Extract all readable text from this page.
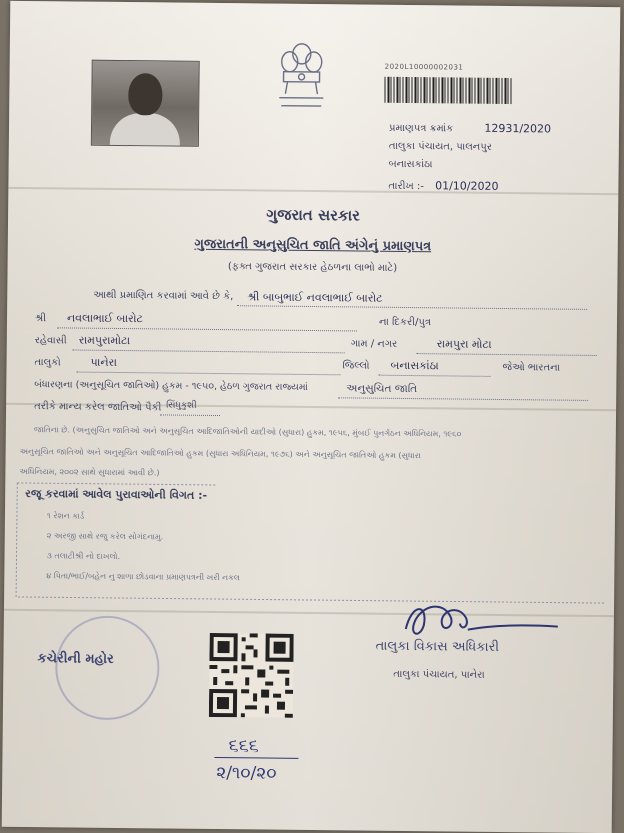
2020L10000002031
પ્રમાણપત્ર ક્રમાંક	12931/2020
તાલુકા પંચાયત, પાલનપુર
બનાસકાંઠા
તારીખ :- 01/10/2020
ગુજરાત સરકાર
ગુજરાતની અનુસુચિત જાતિ અંગેનું પ્રમાણપત્ર
(ફક્ત ગુજરાત સરકાર હેઠળના લાભો માટે)
આથી પ્રમાણિત કરવામાં આવે છે કે, શ્રી બાબુભાઈ નવલાભાઈ બારોટ
શ્રી નવલાભાઈ બારોટ	ના દિકરી/પુત્ર
રહેવાસી રામપુરામોટા	ગામ / નગર	રામપુરા મોટા
તાલુકો	પાનેરા	જિલ્લો બનાસકાંઠા	જેઓ ભારતના
બંધારણના (અનુસૂચિત જાતિઓ) હુકમ - ૧૯૫૦, હેઠળ ગુજરાત રાજ્યમાં	અનુસુચિત જાતિ
તરીકે માન્ય કરેલ જાતિઓ પૈકી સિંધુકુશી
જાતિના છે. (અનુસુચિત જાતિઓ અને અનુસૂચિત આદિજાતિઓની યાદીઓ (સુધારા) હુકમ, ૧૯૫૬, મુંબઈ પુનર્ગઠન અધિનિયમ, ૧૯૬૦
અનુસૂચિત જાતિઓ અને અનુસૂચિત આદિજાતિઓ હુકમ (સુધારા અધિનિયમ, ૧૯૭૬) અને અનુસૂચિત જાતિઓ હુકમ (સુધારા
અધિનિયમ, ૨૦૦૨ સાથે સુધારામાં આવી છે.)
રજૂ કરવામાં આવેલ પુરાવાઓની વિગત :-
૧ રેશન કાર્ડ
૨ અરજી સાથે રજુ કરેલ સોગંદનામુ.
૩ તલાટીશ્રી નો દાખલો.
૪ પિતા/ભાઈ/બહેન નુ શાળા છોડવાના પ્રમાણપત્રની ખરી નકલ
કચેરીની મહોર
તાલુકા વિકાસ અધિકારી
તાલુકા પંચાયત, પાનેરા
૬૬૬
૨/૧૦/૨૦
